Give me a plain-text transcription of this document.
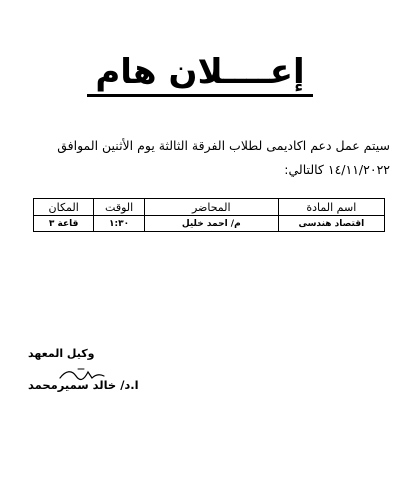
إعــــلان هام
سيتم عمل دعم اكاديمى لطلاب الفرقة الثالثة يوم الأثنين الموافق
١٤/١١/٢٠٢٢ كالتالي:
اسم المادة	المحاضر	الوقت	المكان
اقتصاد هندسى	م/ احمد خليل	١:٣٠	قاعة ٣
وكيل المعهد
ا.د/ خالد سميرمحمد
